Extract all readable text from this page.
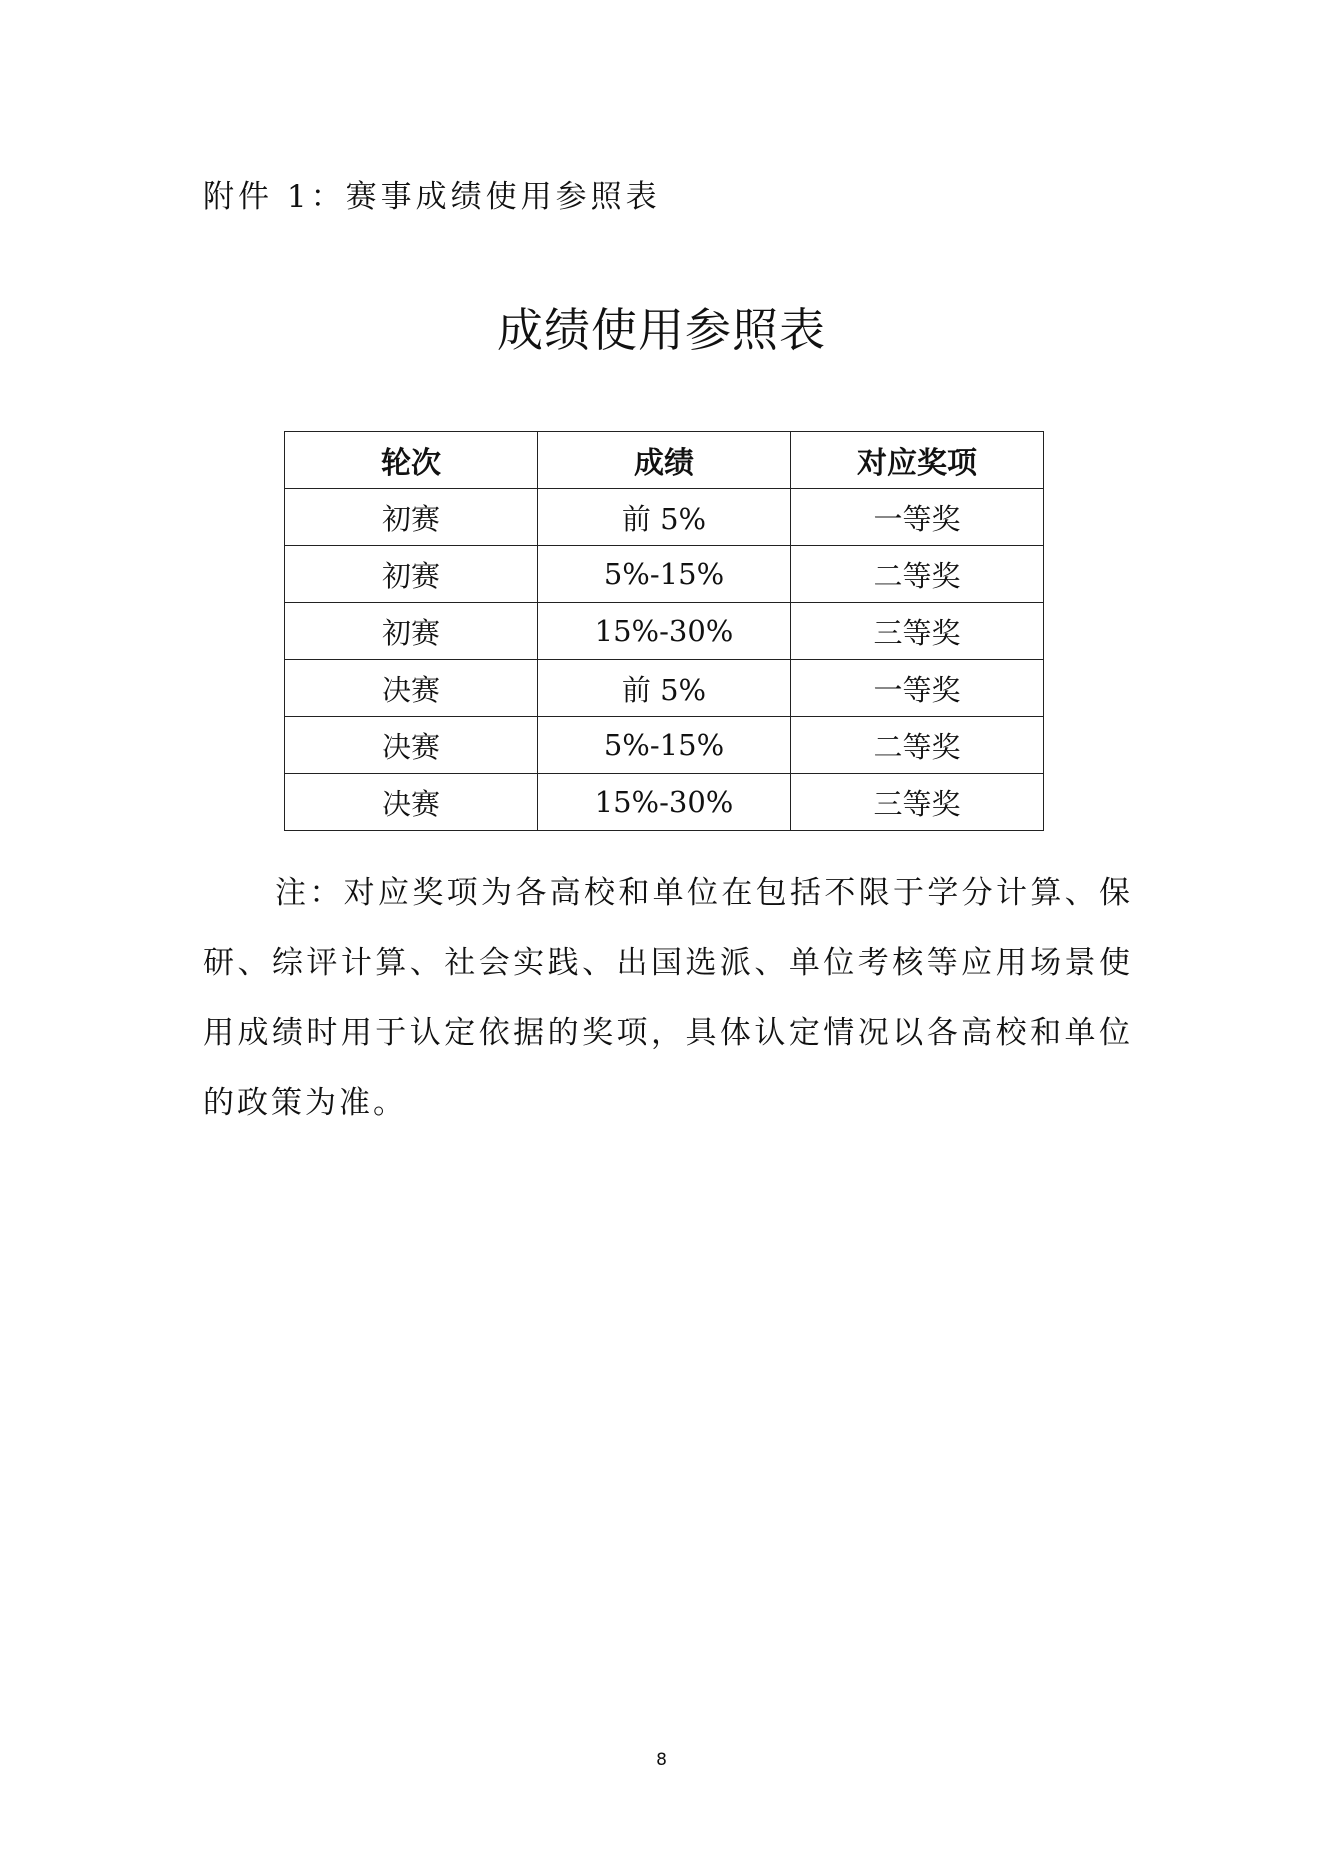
附件 1：赛事成绩使用参照表
成绩使用参照表
轮次	成绩	对应奖项
初赛	前 5%	一等奖
初赛	5%-15%	二等奖
初赛	15%-30%	三等奖
决赛	前 5%	一等奖
决赛	5%-15%	二等奖
决赛	15%-30%	三等奖

注：对应奖项为各高校和单位在包括不限于学分计算、保研、综评计算、社会实践、出国选派、单位考核等应用场景使用成绩时用于认定依据的奖项，具体认定情况以各高校和单位的政策为准。

8
